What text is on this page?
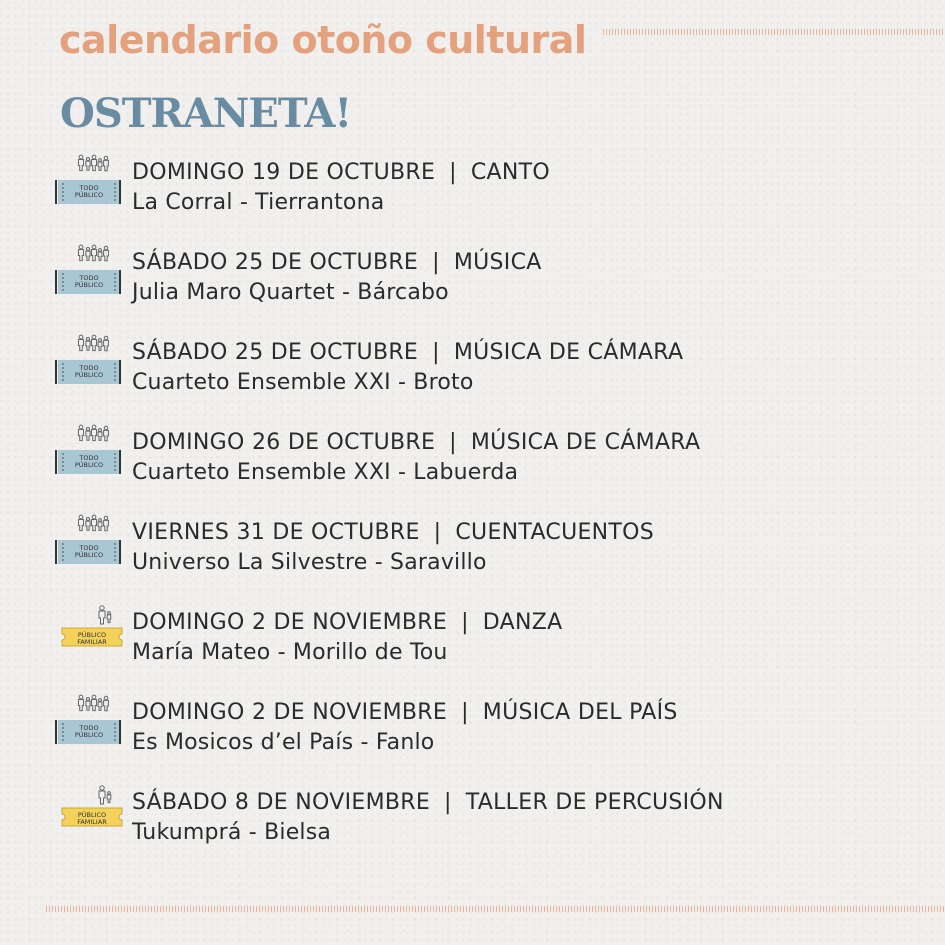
calendario otoño cultural
OSTRANETA!
TODO
PÚBLICO
DOMINGO 19 DE OCTUBRE | CANTO
La Corral - Tierrantona
TODO
PÚBLICO
SÁBADO 25 DE OCTUBRE | MÚSICA
Julia Maro Quartet - Bárcabo
TODO
PÚBLICO
SÁBADO 25 DE OCTUBRE | MÚSICA DE CÁMARA
Cuarteto Ensemble XXI - Broto
TODO
PÚBLICO
DOMINGO 26 DE OCTUBRE | MÚSICA DE CÁMARA
Cuarteto Ensemble XXI - Labuerda
TODO
PÚBLICO
VIERNES 31 DE OCTUBRE | CUENTACUENTOS
Universo La Silvestre - Saravillo
PÚBLICO
FAMILIAR
DOMINGO 2 DE NOVIEMBRE | DANZA
María Mateo - Morillo de Tou
TODO
PÚBLICO
DOMINGO 2 DE NOVIEMBRE | MÚSICA DEL PAÍS
Es Mosicos d’el País - Fanlo
PÚBLICO
FAMILIAR
SÁBADO 8 DE NOVIEMBRE | TALLER DE PERCUSIÓN
Tukumprá - Bielsa
